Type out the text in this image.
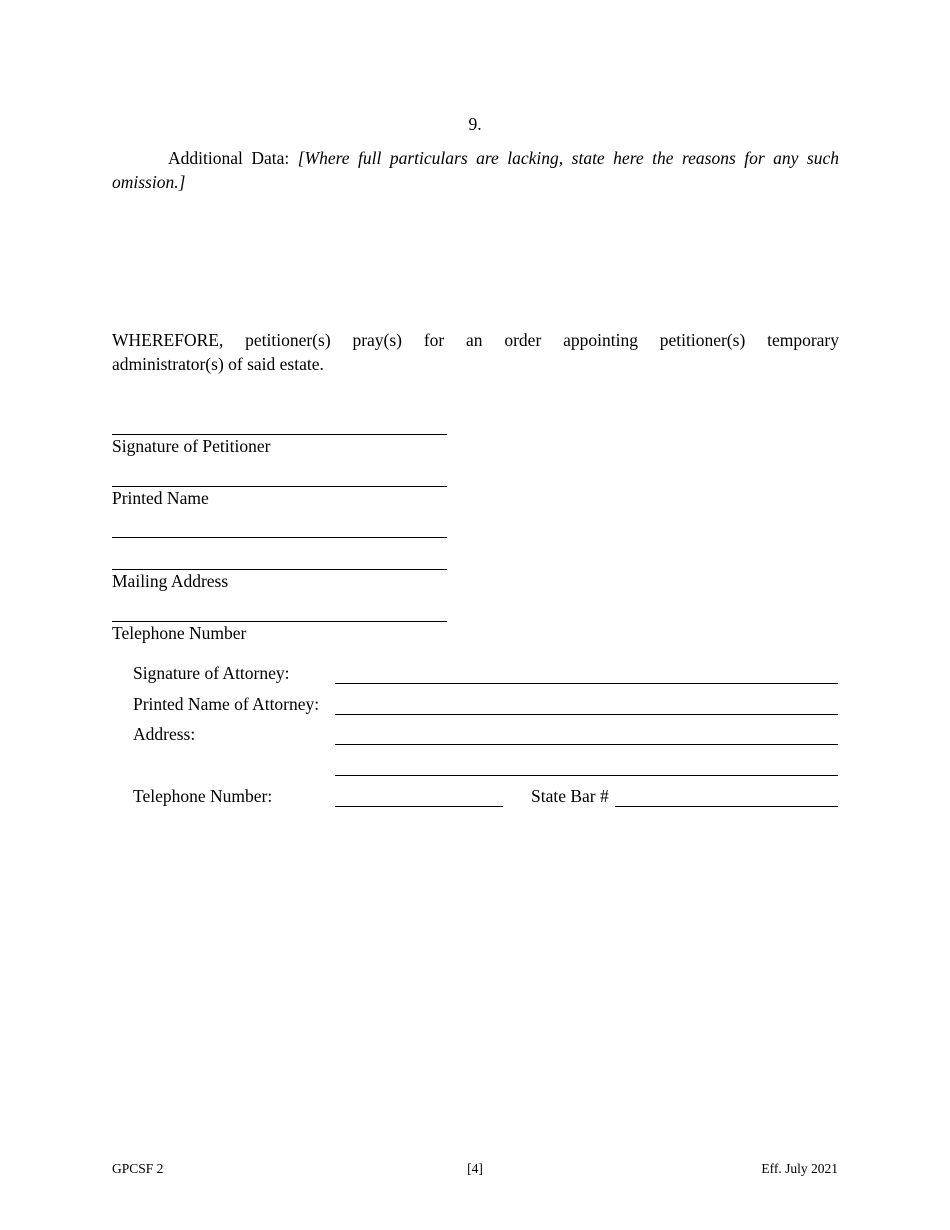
9.
Additional Data: [Where full particulars are lacking, state here the reasons for any such omission.]
WHEREFORE, petitioner(s) pray(s) for an order appointing petitioner(s) temporary
administrator(s) of said estate.
Signature of Petitioner
Printed Name
Mailing Address
Telephone Number
Signature of Attorney:
Printed Name of Attorney:
Address:
Telephone Number:	State Bar #
GPCSF 2	[4]	Eff. July 2021
